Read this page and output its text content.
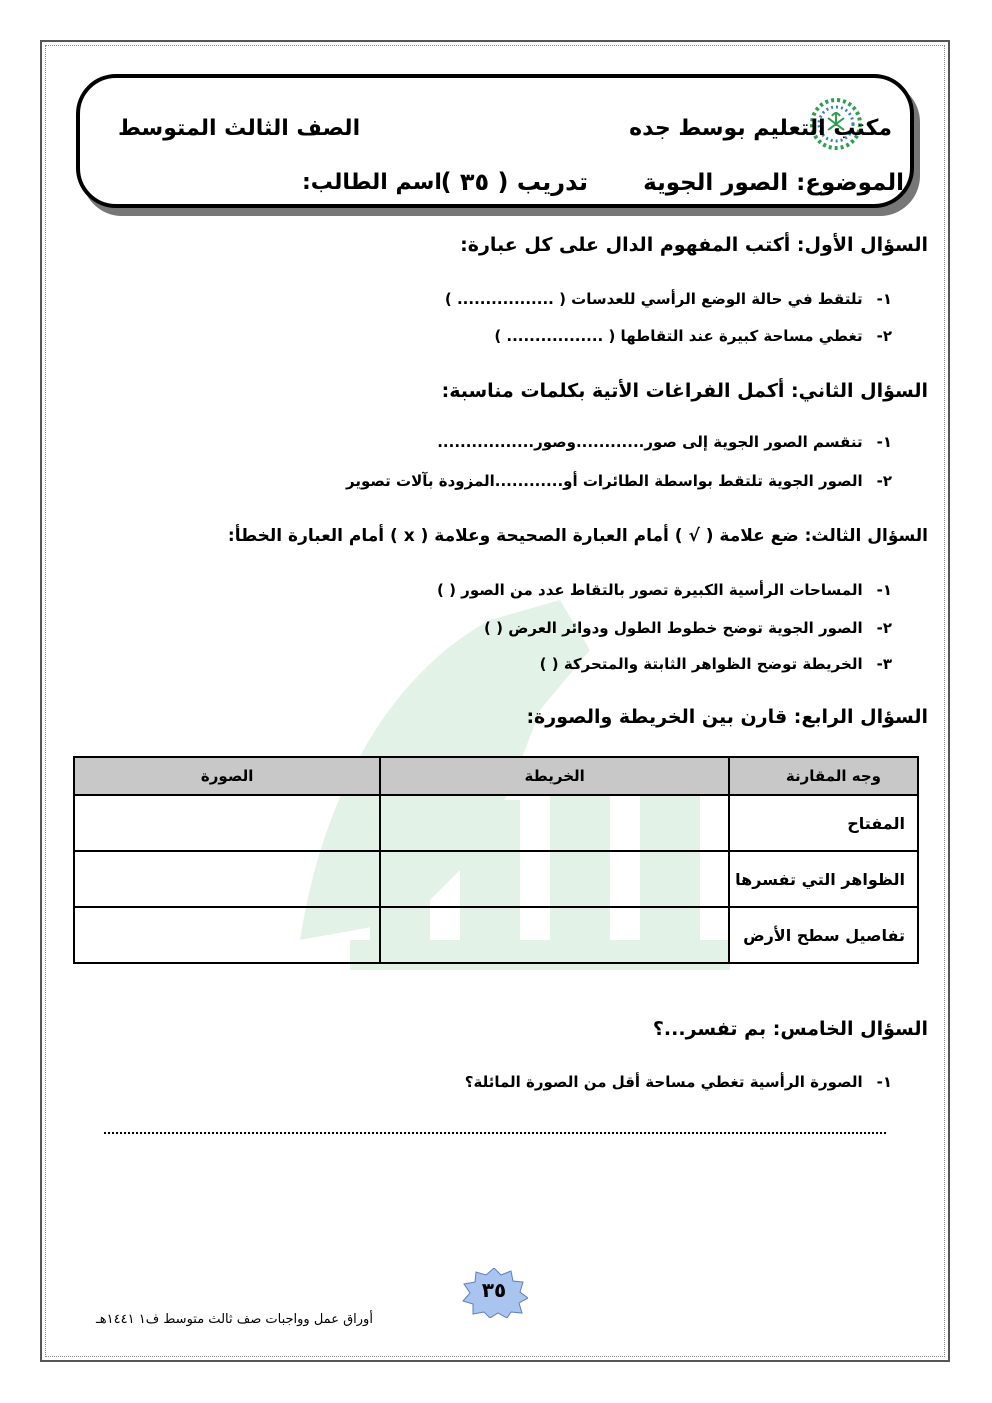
مكتب التعليم بوسط جده
الصف الثالث المتوسط
الموضوع: الصور الجوية
تدريب ( ٣٥ )
اسم الطالب:
السؤال الأول: أكتب المفهوم الدال على كل عبارة:
١-تلتقط في حالة الوضع الرأسي للعدسات ( ................. )
٢-تغطي مساحة كبيرة عند التقاطها ( ................. )
السؤال الثاني: أكمل الفراغات الأتية بكلمات مناسبة:
١-تنقسم الصور الجوية إلى صور............وصور.................
٢-الصور الجوية تلتقط بواسطة الطائرات أو............المزودة بآلات تصوير
السؤال الثالث: ضع علامة ( √ ) أمام العبارة الصحيحة وعلامة ( x ) أمام العبارة الخطأ:
١-المساحات الرأسية الكبيرة تصور بالتقاط عدد من الصور ( )
٢-الصور الجوية توضح خطوط الطول ودوائر العرض ( )
٣-الخريطة توضح الظواهر الثابتة والمتحركة ( )
السؤال الرابع: قارن بين الخريطة والصورة:
وجه المقارنة	الخريطة	الصورة
المفتاح		
الظواهر التي تفسرها		
تفاصيل سطح الأرض		
السؤال الخامس: بم تفسر...؟
١-الصورة الرأسية تغطي مساحة أقل من الصورة المائلة؟
٣٥
أوراق عمل وواجبات صف ثالث متوسط ف١ ١٤٤١هـ
